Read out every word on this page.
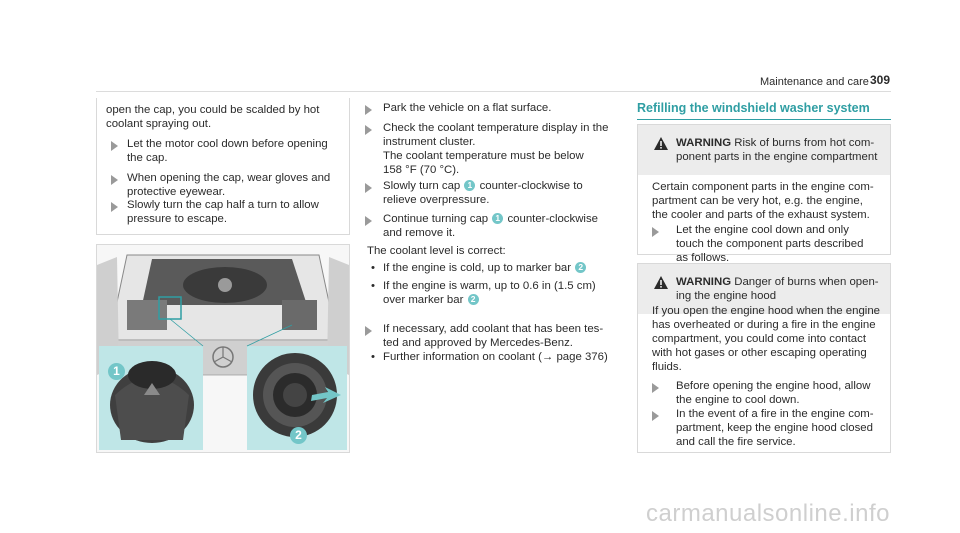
Maintenance and care 309
open the cap, you could be scalded by hot
coolant spraying out.
Let the motor cool down before opening
the cap.
When opening the cap, wear gloves and
protective eyewear.
Slowly turn the cap half a turn to allow
pressure to escape.
1
2
Park the vehicle on a flat surface.
Check the coolant temperature display in the
instrument cluster.
The coolant temperature must be below
158 °F (70 °C).
Slowly turn cap 1 counter-clockwise to
relieve overpressure.
Continue turning cap 1 counter-clockwise
and remove it.
The coolant level is correct:
• If the engine is cold, up to marker bar 2
• If the engine is warm, up to 0.6 in (1.5 cm)
over marker bar 2
If necessary, add coolant that has been tes-
ted and approved by Mercedes-Benz.
• Further information on coolant (→ page 376)
Refilling the windshield washer system
WARNING Risk of burns from hot com-
ponent parts in the engine compartment
Certain component parts in the engine com-
partment can be very hot, e.g. the engine,
the cooler and parts of the exhaust system.
Let the engine cool down and only
touch the component parts described
as follows.
WARNING Danger of burns when open-
ing the engine hood
If you open the engine hood when the engine
has overheated or during a fire in the engine
compartment, you could come into contact
with hot gases or other escaping operating
fluids.
Before opening the engine hood, allow
the engine to cool down.
In the event of a fire in the engine com-
partment, keep the engine hood closed
and call the fire service.
carmanualsonline.info
